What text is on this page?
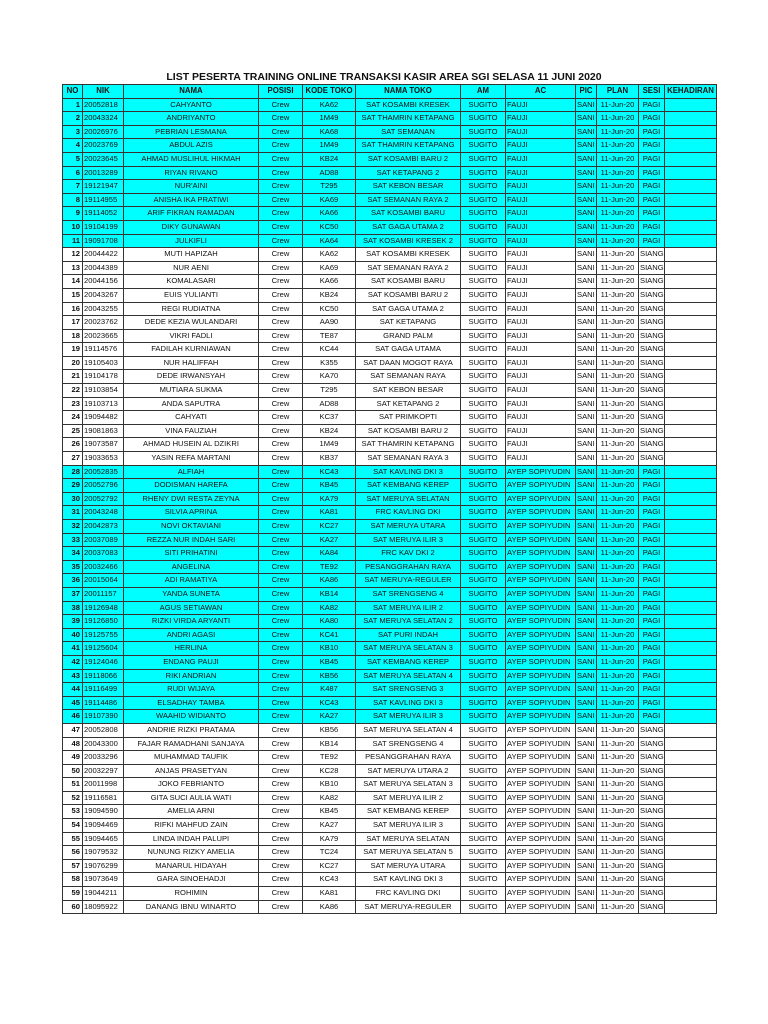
LIST PESERTA TRAINING ONLINE TRANSAKSI KASIR AREA SGI SELASA 11 JUNI 2020
NO	NIK	NAMA	POSISI	KODE TOKO	NAMA TOKO	AM	AC	PIC	PLAN	SESI	KEHADIRAN
1	20052818	CAHYANTO	Crew	KA62	SAT KOSAMBI KRESEK	SUGITO	FAUJI	SANI	11-Jun-20	PAGI	
2	20043324	ANDRIYANTO	Crew	1M49	SAT THAMRIN KETAPANG	SUGITO	FAUJI	SANI	11-Jun-20	PAGI	
3	20026976	PEBRIAN LESMANA	Crew	KA68	SAT SEMANAN	SUGITO	FAUJI	SANI	11-Jun-20	PAGI	
4	20023769	ABDUL AZIS	Crew	1M49	SAT THAMRIN KETAPANG	SUGITO	FAUJI	SANI	11-Jun-20	PAGI	
5	20023645	AHMAD MUSLIHUL HIKMAH	Crew	KB24	SAT KOSAMBI BARU 2	SUGITO	FAUJI	SANI	11-Jun-20	PAGI	
6	20013289	RIYAN RIVANO	Crew	AD88	SAT KETAPANG 2	SUGITO	FAUJI	SANI	11-Jun-20	PAGI	
7	19121947	NUR'AINI	Crew	T295	SAT KEBON BESAR	SUGITO	FAUJI	SANI	11-Jun-20	PAGI	
8	19114955	ANISHA IKA PRATIWI	Crew	KA69	SAT SEMANAN RAYA 2	SUGITO	FAUJI	SANI	11-Jun-20	PAGI	
9	19114052	ARIF FIKRAN RAMADAN	Crew	KA66	SAT KOSAMBI BARU	SUGITO	FAUJI	SANI	11-Jun-20	PAGI	
10	19104199	DIKY GUNAWAN	Crew	KC50	SAT GAGA UTAMA 2	SUGITO	FAUJI	SANI	11-Jun-20	PAGI	
11	19091708	JULKIFLI	Crew	KA64	SAT KOSAMBI KRESEK 2	SUGITO	FAUJI	SANI	11-Jun-20	PAGI	
12	20044422	MUTI HAPIZAH	Crew	KA62	SAT KOSAMBI KRESEK	SUGITO	FAUJI	SANI	11-Jun-20	SIANG	
13	20044389	NUR AENI	Crew	KA69	SAT SEMANAN RAYA 2	SUGITO	FAUJI	SANI	11-Jun-20	SIANG	
14	20044156	KOMALASARI	Crew	KA66	SAT KOSAMBI BARU	SUGITO	FAUJI	SANI	11-Jun-20	SIANG	
15	20043267	EUIS YULIANTI	Crew	KB24	SAT KOSAMBI BARU 2	SUGITO	FAUJI	SANI	11-Jun-20	SIANG	
16	20043255	REGI RUDIATNA	Crew	KC50	SAT GAGA UTAMA 2	SUGITO	FAUJI	SANI	11-Jun-20	SIANG	
17	20023762	DEDE KEZIA WULANDARI	Crew	AA90	SAT KETAPANG	SUGITO	FAUJI	SANI	11-Jun-20	SIANG	
18	20023665	VIKRI FADLI	Crew	TE87	GRAND PALM	SUGITO	FAUJI	SANI	11-Jun-20	SIANG	
19	19114576	FADILAH KURNIAWAN	Crew	KC44	SAT GAGA UTAMA	SUGITO	FAUJI	SANI	11-Jun-20	SIANG	
20	19105403	NUR HALIFFAH	Crew	K355	SAT DAAN MOGOT RAYA	SUGITO	FAUJI	SANI	11-Jun-20	SIANG	
21	19104178	DEDE IRWANSYAH	Crew	KA70	SAT SEMANAN RAYA	SUGITO	FAUJI	SANI	11-Jun-20	SIANG	
22	19103854	MUTIARA SUKMA	Crew	T295	SAT KEBON BESAR	SUGITO	FAUJI	SANI	11-Jun-20	SIANG	
23	19103713	ANDA SAPUTRA	Crew	AD88	SAT KETAPANG 2	SUGITO	FAUJI	SANI	11-Jun-20	SIANG	
24	19094482	CAHYATI	Crew	KC37	SAT PRIMKOPTI	SUGITO	FAUJI	SANI	11-Jun-20	SIANG	
25	19081863	VINA FAUZIAH	Crew	KB24	SAT KOSAMBI BARU 2	SUGITO	FAUJI	SANI	11-Jun-20	SIANG	
26	19073587	AHMAD HUSEIN AL DZIKRI	Crew	1M49	SAT THAMRIN KETAPANG	SUGITO	FAUJI	SANI	11-Jun-20	SIANG	
27	19033653	YASIN REFA MARTANI	Crew	KB37	SAT SEMANAN RAYA 3	SUGITO	FAUJI	SANI	11-Jun-20	SIANG	
28	20052835	ALFIAH	Crew	KC43	SAT KAVLING DKI 3	SUGITO	AYEP SOPIYUDIN	SANI	11-Jun-20	PAGI	
29	20052796	DODISMAN HAREFA	Crew	KB45	SAT KEMBANG KEREP	SUGITO	AYEP SOPIYUDIN	SANI	11-Jun-20	PAGI	
30	20052792	RHENY DWI RESTA ZEYNA	Crew	KA79	SAT MERUYA SELATAN	SUGITO	AYEP SOPIYUDIN	SANI	11-Jun-20	PAGI	
31	20043248	SILVIA APRINA	Crew	KA81	FRC KAVLING DKI	SUGITO	AYEP SOPIYUDIN	SANI	11-Jun-20	PAGI	
32	20042873	NOVI OKTAVIANI	Crew	KC27	SAT MERUYA UTARA	SUGITO	AYEP SOPIYUDIN	SANI	11-Jun-20	PAGI	
33	20037089	REZZA NUR INDAH SARI	Crew	KA27	SAT MERUYA ILIR 3	SUGITO	AYEP SOPIYUDIN	SANI	11-Jun-20	PAGI	
34	20037083	SITI PRIHATINI	Crew	KA84	FRC KAV DKI 2	SUGITO	AYEP SOPIYUDIN	SANI	11-Jun-20	PAGI	
35	20032466	ANGELINA	Crew	TE92	PESANGGRAHAN RAYA	SUGITO	AYEP SOPIYUDIN	SANI	11-Jun-20	PAGI	
36	20015064	ADI RAMATIYA	Crew	KA86	SAT MERUYA-REGULER	SUGITO	AYEP SOPIYUDIN	SANI	11-Jun-20	PAGI	
37	20011157	YANDA SUNETA	Crew	KB14	SAT SRENGSENG 4	SUGITO	AYEP SOPIYUDIN	SANI	11-Jun-20	PAGI	
38	19126948	AGUS SETIAWAN	Crew	KA82	SAT MERUYA ILIR 2	SUGITO	AYEP SOPIYUDIN	SANI	11-Jun-20	PAGI	
39	19126850	RIZKI VIRDA ARYANTI	Crew	KA80	SAT MERUYA SELATAN 2	SUGITO	AYEP SOPIYUDIN	SANI	11-Jun-20	PAGI	
40	19125755	ANDRI AGASI	Crew	KC41	SAT PURI INDAH	SUGITO	AYEP SOPIYUDIN	SANI	11-Jun-20	PAGI	
41	19125604	HERLINA	Crew	KB10	SAT MERUYA SELATAN 3	SUGITO	AYEP SOPIYUDIN	SANI	11-Jun-20	PAGI	
42	19124046	ENDANG PAUJI	Crew	KB45	SAT KEMBANG KEREP	SUGITO	AYEP SOPIYUDIN	SANI	11-Jun-20	PAGI	
43	19118066	RIKI ANDRIAN	Crew	KB56	SAT MERUYA SELATAN 4	SUGITO	AYEP SOPIYUDIN	SANI	11-Jun-20	PAGI	
44	19116499	RUDI WIJAYA	Crew	K487	SAT SRENGSENG 3	SUGITO	AYEP SOPIYUDIN	SANI	11-Jun-20	PAGI	
45	19114486	ELSADHAY TAMBA	Crew	KC43	SAT KAVLING DKI 3	SUGITO	AYEP SOPIYUDIN	SANI	11-Jun-20	PAGI	
46	19107390	WAAHID WIDIANTO	Crew	KA27	SAT MERUYA ILIR 3	SUGITO	AYEP SOPIYUDIN	SANI	11-Jun-20	PAGI	
47	20052808	ANDRIE RIZKI PRATAMA	Crew	KB56	SAT MERUYA SELATAN 4	SUGITO	AYEP SOPIYUDIN	SANI	11-Jun-20	SIANG	
48	20043300	FAJAR RAMADHANI SANJAYA	Crew	KB14	SAT SRENGSENG 4	SUGITO	AYEP SOPIYUDIN	SANI	11-Jun-20	SIANG	
49	20033296	MUHAMMAD TAUFIK	Crew	TE92	PESANGGRAHAN RAYA	SUGITO	AYEP SOPIYUDIN	SANI	11-Jun-20	SIANG	
50	20032297	ANJAS PRASETYAN	Crew	KC28	SAT MERUYA UTARA 2	SUGITO	AYEP SOPIYUDIN	SANI	11-Jun-20	SIANG	
51	20011998	JOKO FEBRIANTO	Crew	KB10	SAT MERUYA SELATAN 3	SUGITO	AYEP SOPIYUDIN	SANI	11-Jun-20	SIANG	
52	19116581	GITA SUCI AULIA WATI	Crew	KA82	SAT MERUYA ILIR 2	SUGITO	AYEP SOPIYUDIN	SANI	11-Jun-20	SIANG	
53	19094590	AMELIA ARNI	Crew	KB45	SAT KEMBANG KEREP	SUGITO	AYEP SOPIYUDIN	SANI	11-Jun-20	SIANG	
54	19094469	RIFKI MAHFUD ZAIN	Crew	KA27	SAT MERUYA ILIR 3	SUGITO	AYEP SOPIYUDIN	SANI	11-Jun-20	SIANG	
55	19094465	LINDA INDAH PALUPI	Crew	KA79	SAT MERUYA SELATAN	SUGITO	AYEP SOPIYUDIN	SANI	11-Jun-20	SIANG	
56	19079532	NUNUNG RIZKY AMELIA	Crew	TC24	SAT MERUYA SELATAN 5	SUGITO	AYEP SOPIYUDIN	SANI	11-Jun-20	SIANG	
57	19076299	MANARUL HIDAYAH	Crew	KC27	SAT MERUYA UTARA	SUGITO	AYEP SOPIYUDIN	SANI	11-Jun-20	SIANG	
58	19073649	GARA SINOEHADJI	Crew	KC43	SAT KAVLING DKI 3	SUGITO	AYEP SOPIYUDIN	SANI	11-Jun-20	SIANG	
59	19044211	ROHIMIN	Crew	KA81	FRC KAVLING DKI	SUGITO	AYEP SOPIYUDIN	SANI	11-Jun-20	SIANG	
60	18095922	DANANG IBNU WINARTO	Crew	KA86	SAT MERUYA-REGULER	SUGITO	AYEP SOPIYUDIN	SANI	11-Jun-20	SIANG	
